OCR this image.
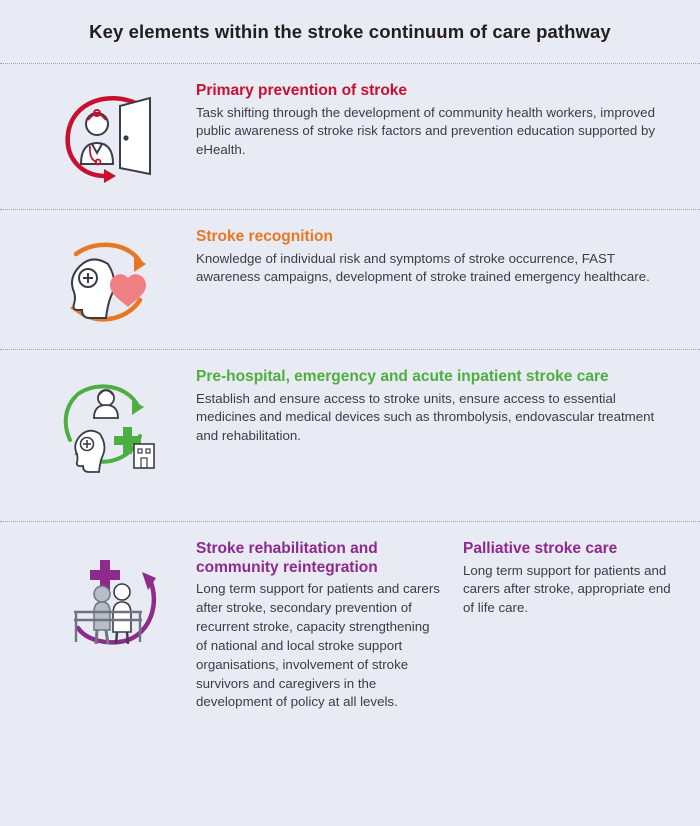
Key elements within the stroke continuum of care pathway

Primary prevention of stroke

Task shifting through the development of community health workers, improved public awareness of stroke risk factors and prevention education supported by eHealth.

Stroke recognition

Knowledge of individual risk and symptoms of stroke occurrence, FAST awareness campaigns, development of stroke trained emergency healthcare.

Pre-hospital, emergency and acute inpatient stroke care

Establish and ensure access to stroke units, ensure access to essential medicines and medical devices such as thrombolysis, endovascular treatment and rehabilitation.

Stroke rehabilitation and community reintegration

Long term support for patients and carers after stroke, secondary prevention of recurrent stroke, capacity strengthening of national and local stroke support organisations, involvement of stroke survivors and caregivers in the development of policy at all levels.

Palliative stroke care

Long term support for patients and carers after stroke, appropriate end of life care.
